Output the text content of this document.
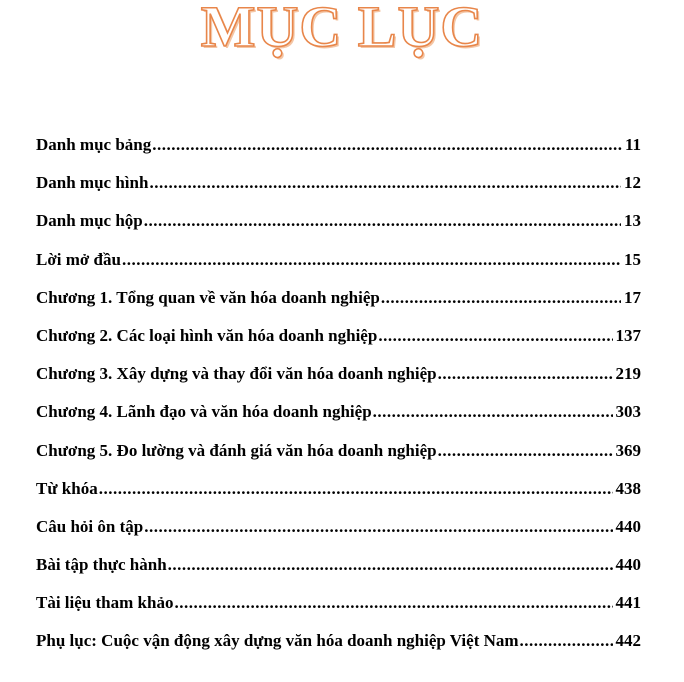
MỤC LỤC
Danh mục bảng .....	11
Danh mục hình .....	12
Danh mục hộp .....	13
Lời mở đầu .....	15
Chương 1. Tổng quan về văn hóa doanh nghiệp .....	17
Chương 2. Các loại hình văn hóa doanh nghiệp .....	137
Chương 3. Xây dựng và thay đổi văn hóa doanh nghiệp .....	219
Chương 4. Lãnh đạo và văn hóa doanh nghiệp .....	303
Chương 5. Đo lường và đánh giá văn hóa doanh nghiệp .....	369
Từ khóa .....	438
Câu hỏi ôn tập .....	440
Bài tập thực hành .....	440
Tài liệu tham khảo .....	441
Phụ lục: Cuộc vận động xây dựng văn hóa doanh nghiệp Việt Nam .....	442
